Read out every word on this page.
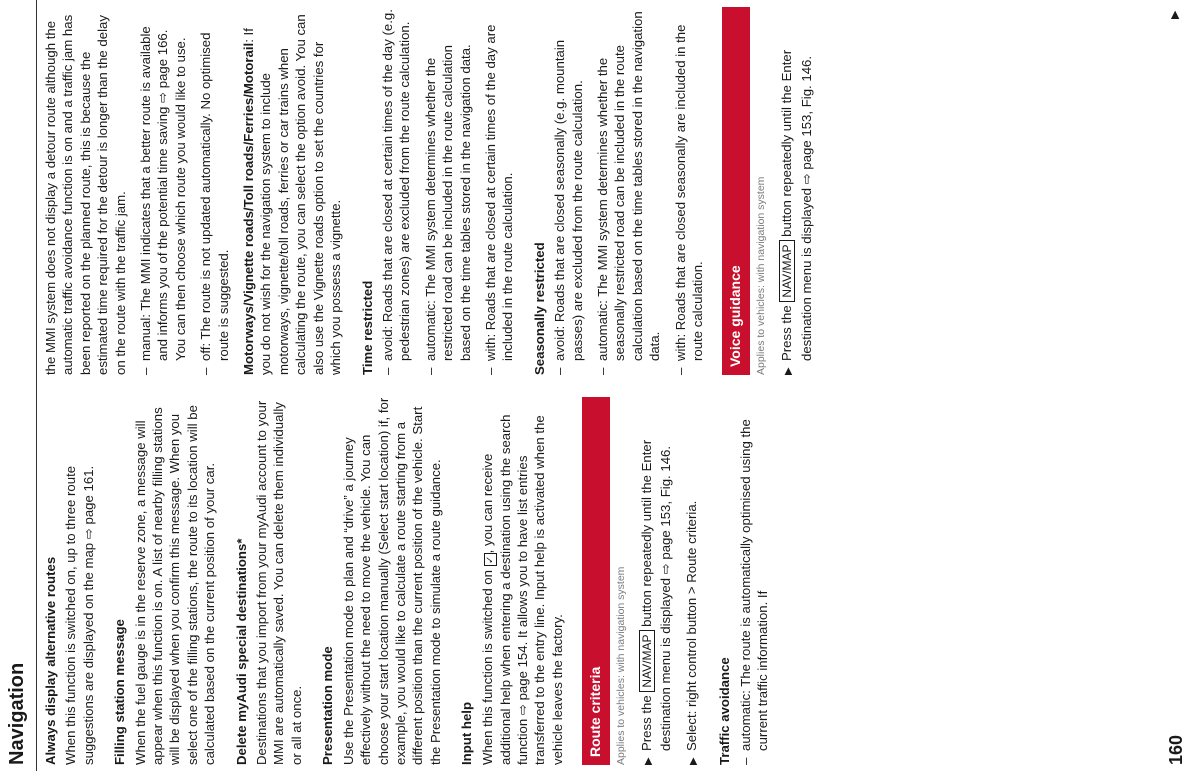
Navigation Always display alternative routes When this function is switched on, up to three route suggestions are displayed on the map ⇨ page 161. Filling station message When the fuel gauge is in the reserve zone, a message will appear when this function is on. A list of nearby filling stations will be displayed when you confirm this message. When you select one of the filling stations, the route to its location will be calculated based on the current position of your car. Delete myAudi special destinations* Destinations that you import from your myAudi account to your MMI are automatically saved. You can delete them individually or all at once. Presentation mode Use the Presentation mode to plan and “drive” a journey effectively without the need to move the vehicle. You can choose your start location manually (Select start location) if, for example, you would like to calculate a route starting from a different position than the current position of the vehicle. Start the Presentation mode to simulate a route guidance. Input help When this function is switched on ✓, you can receive additional help when entering a destination using the search function ⇨ page 154. It allows you to have list entries transferred to the entry line. Input help is activated when the vehicle leaves the factory.	Route criteria	Applies to vehicles: with navigation system	▶Press the NAV/MAP button repeatedly until the Enter destination menu is displayed ⇨ page 153, Fig. 146.

▶Select: right control button > Route criteria. Traffic avoidance –automatic: The route is automatically optimised using the current traffic information. If

the MMI system does not display a detour route although the automatic traffic avoidance function is on and a traffic jam has been reported on the planned route, this is because the estimated time required for the detour is longer than the delay on the route with the traffic jam. –manual: The MMI indicates that a better route is available and informs you of the potential time saving ⇨ page 166. You can then choose which route you would like to use.

–off: The route is not updated automatically. No optimised route is suggested. Motorways/Vignette roads/Toll roads/Ferries/Motorail: If you do not wish for the navigation system to include motorways, vignette/toll roads, ferries or car trains when calculating the route, you can select the option avoid. You can also use the Vignette roads option to set the countries for which you possess a vignette. Time restricted –avoid: Roads that are closed at certain times of the day (e.g. pedestrian zones) are excluded from the route calculation.

–automatic: The MMI system determines whether the restricted road can be included in the route calculation based on the time tables stored in the navigation data.

–with: Roads that are closed at certain times of the day are included in the route calculation. Seasonally restricted –avoid: Roads that are closed seasonally (e.g. mountain passes) are excluded from the route calculation.

–automatic: The MMI system determines whether the seasonally restricted road can be included in the route calculation based on the time tables stored in the navigation data.

–with: Roads that are closed seasonally are included in the route calculation.	Voice guidance	Applies to vehicles: with navigation system	▶Press the NAV/MAP button repeatedly until the Enter destination menu is displayed ⇨ page 153, Fig. 146.

160
▶
